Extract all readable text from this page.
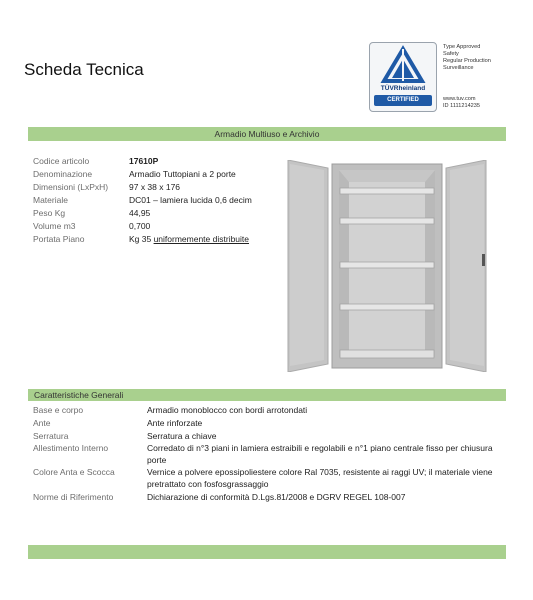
Scheda Tecnica
TÜVRheinland
CERTIFIED
Type Approved
Safety
Regular Production
Surveillance
www.tuv.com
ID 1111214235
Armadio Multiuso e Archivio
Codice articolo	17610P
Denominazione	Armadio Tuttopiani a 2 porte
Dimensioni (LxPxH) 97 x 38 x 176
Materiale	DC01 – lamiera lucida 0,6 decim
Peso Kg	44,95
Volume m3	0,700
Portata Piano	Kg 35 uniformemente distribuite
Caratteristiche Generali
Base e corpo	Armadio monoblocco con bordi arrotondati
Ante	Ante rinforzate
Serratura	Serratura a chiave
Allestimento Interno	Corredato di n°3 piani in lamiera estraibili e regolabili e n°1 piano centrale fisso per chiusura porte
Colore Anta e Scocca	Vernice a polvere epossipoliestere colore Ral 7035, resistente ai raggi UV; il materiale viene pretrattato con fosfosgrassaggio
Norme di Riferimento	Dichiarazione di conformità D.Lgs.81/2008 e DGRV REGEL 108-007
